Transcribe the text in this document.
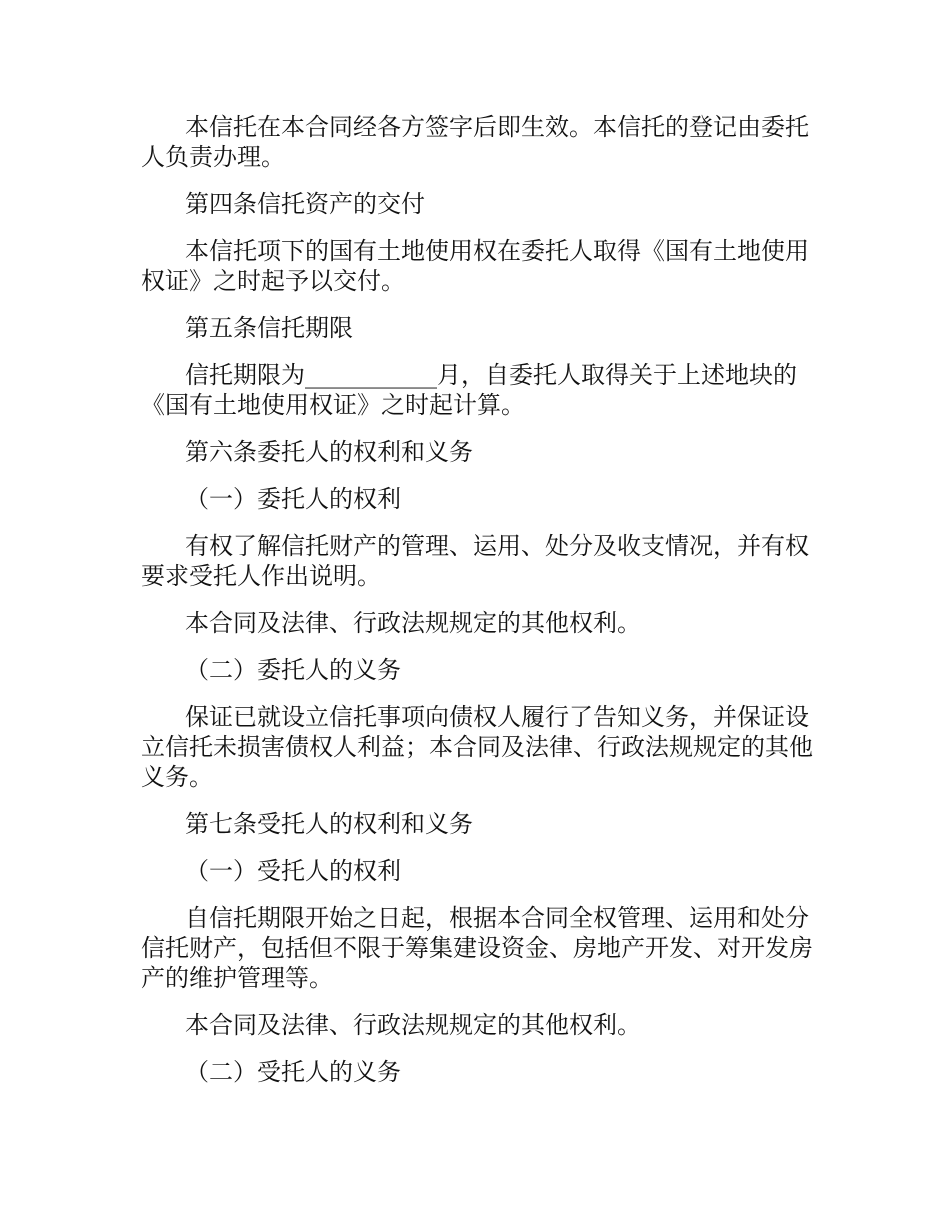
本信托在本合同经各方签字后即生效。本信托的登记由委托人负责办理。

第四条信托资产的交付

本信托项下的国有土地使用权在委托人取得《国有土地使用权证》之时起予以交付。

第五条信托期限

信托期限为___________月，自委托人取得关于上述地块的《国有土地使用权证》之时起计算。

第六条委托人的权利和义务

（一）委托人的权利

有权了解信托财产的管理、运用、处分及收支情况，并有权要求受托人作出说明。

本合同及法律、行政法规规定的其他权利。

（二）委托人的义务

保证已就设立信托事项向债权人履行了告知义务，并保证设立信托未损害债权人利益；本合同及法律、行政法规规定的其他义务。

第七条受托人的权利和义务

（一）受托人的权利

自信托期限开始之日起，根据本合同全权管理、运用和处分信托财产，包括但不限于筹集建设资金、房地产开发、对开发房产的维护管理等。

本合同及法律、行政法规规定的其他权利。

（二）受托人的义务
